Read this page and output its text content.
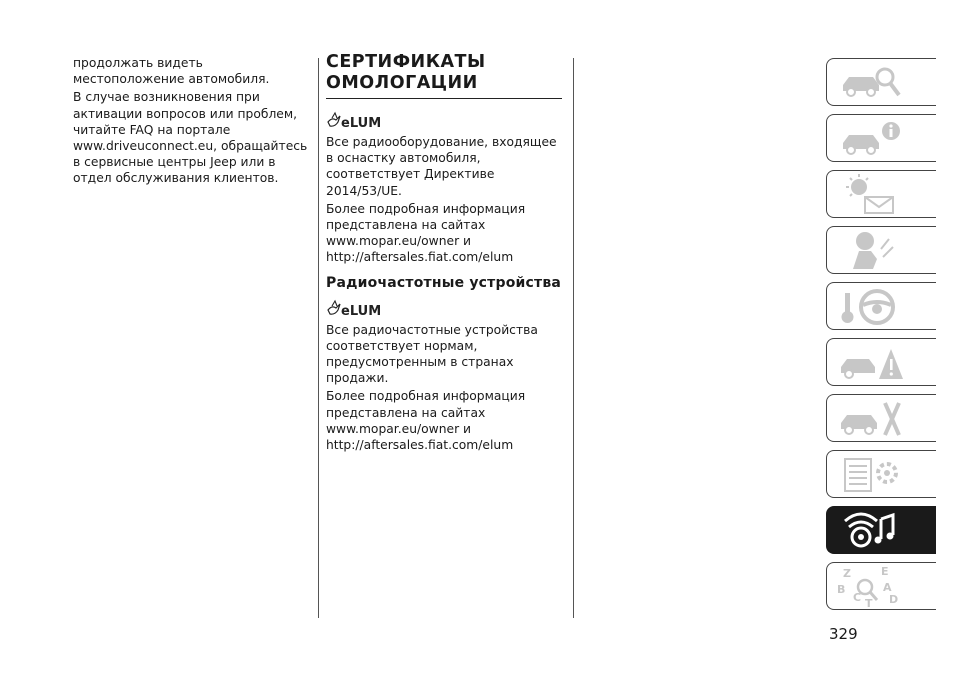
продолжать видеть местоположение автомобиля.

В случае возникновения при активации вопросов или проблем, читайте FAQ на портале www.driveuconnect.eu, обращайтесь в сервисные центры Jeep или в отдел обслуживания клиентов.

СЕРТИФИКАТЫ
ОМОЛОГАЦИИ
eLUM

Все радиооборудование, входящее в оснастку автомобиля, соответствует Директиве 2014/53/UE.

Более подробная информация
представлена на сайтах
www.mopar.eu/owner и
http://aftersales.fiat.com/elum

Радиочастотные устройства
eLUM

Все радиочастотные устройства соответствует нормам, предусмотренным в странах продажи.

Более подробная информация
представлена на сайтах
www.mopar.eu/owner и
http://aftersales.fiat.com/elum

Z	E
B	A
C	D
T
329
